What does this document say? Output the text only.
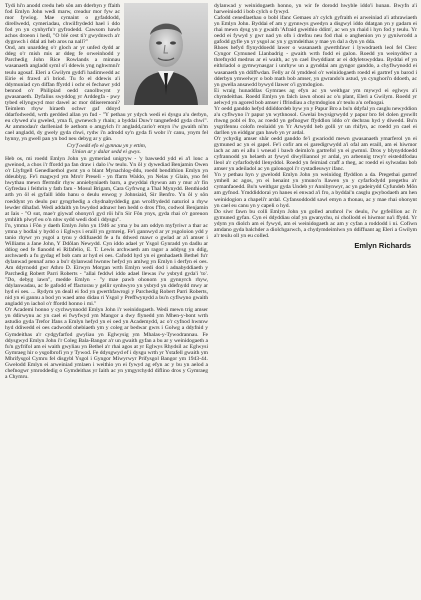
Tydi hi'n anodd credu heb sôn am dderbyn y ffaith fod Emlyn John wedi marw, creadur mor fyw ac mor fywiog. Mae cymaint o gyfaddodd, direllwedd, cymeriadau, chwilfrydedd hael i ddo fod yn yn cynhyrfu'r gyfrodedd. Cawsom hawb achos droeon i hedl, "O blé cest ti'r gwydnwch a'r dygnwch i ddal ati heb aros na nall?"

Ond, am unarddeg o'r gloch ar yr unfed dydd ar ddeg o'r mish mis ar ddeg fe orweinhodd y Parchedig John Rice Rowlands a minnau wasanaeth angladd syml o'i ddewis yng nghwmni'r teulu agosaf. Eleri a Gwilym gydd'i hadimwedd ac Eirie ei frawd a'i briod. Tu fo el ddewis a'i ddymuniad cyn diffan ffyrdd i ochr ei fechawr ydd bennod o'r Philipiad oedd canolbwynt y gwasanaeth. Dyfalius swyddog yr Arddegfa - pwy tybed ellyngwyd mor dawel ac mor ddiseremoni? Teimlem rhyw hiraeth ochwr gaf ddoyd ddarfodwedd, wrth gerdded allan yn fud - "Y pethau yr ydych wedi ei dysgu a'u derbyn, eu clywed a'u gweled, yma fi, gwnewch y rhain; a byddai Duw'r tangnefedd gyda chwi". Ar ammodau'r darlleniad fe aethom o amgylch i'r angladd,cario'r emyn i'w gwaith ni'm cael angladd, dy gwely gyda chwi, rydw i'n adrodd sy'n gyda fi wobr i'r canu, ynym fel hynny, yn gwell pan yn bod neu debyg ar y gân.

Cry'f oedd efo ei gynnau yn y ettim,
Union ar y dalar sedd ei gwys.

Heb os, mi roedd Emlyn John yn gymeriad unigryw - 'y bawsedd ydd ei a'l lonc a gweinod, a chos i'r ffordd pa fan draw i dalo i'w teulu. Yn ôl y dywediad Benjamin Owen o'r Llyfrgell Genedlaethol gwnt yn o blant Mynachlog-ddu, roedd bendithion Emlyn yn ddeublyg. Fe'i magwyd ym Mro'r Preseli - yn ffarm Waldo, yn Nelas y Glain, yno fel hwythau mewn ffermdir rhyw anniebyniaeth barn, a gwyddai rhywun am y mur a'r fin Gyfredau i feithrin y fath farn - Mosul Brigam, Cara Gyfrwng a Thal Mynydd. Benthiodd arth yn ôl ei gyfaill iddo hanu o deulu enwog y Johnsiaid, Sir Benfro. Yn ôl y sôn roeddynt yn deulu pur gyngrhedig a chydnabyddedig gan wrolfrydedd naturiol a rhyw lewder dihafad. Wedi addaith yn bwydod adnawr hen hedd o dros f'fro, codwol Benjamin at Iais - "O sut, mae'r giywaf ohonyn'i gyd rôi hi'n Sir Fôn ynys, gyda rhai o'r goreuon ymhlith plwyf eu o'n nhw sydd wedi dod i ddysgu".

I'n, ymma i Fôn y daeth Emlyn John yn 1946 ac yma y bu am oddyn myfyriwr a thar ac ymna y bodlai y bydd o i Eglwys i eraill yn gymreig. Fe'i gannwyd ar yr ysgoloion ydd y tanio rhywr yn ysgol a tynu y ddifuaedd fe a fu ddwed mawr o gwlad ar a'i amser i Williams a Jane John, Y Ddôlan Newydd. Cyn iddo adael yr Ysgol Gynradd yn dadlu ar ddiog oed fe fianodd ei Rifafelio, E. T. Lewis archwaeth am ragor a addysg yn ddig, archwaeth a fu gydag ef bob cam ar hyd ei oes. Cafodd hyd yn ei genhadaeth Bethel fu'r dylanwad pennaf arno a bu'r dylanwad hwnnw hefyd yn amlwg yn Emlyn i derfyn ei oes. Am ddyrnodd gwr Athro D. Eirwyn Morgan wrth Emlyn wedi dod i adnabyddiaeth y Parchedig Robert Parri Roberts - "allai feddwl iddo adael llewas i'w ysbryd gyda'i 'to'. "Do, debyg iawn", medde Emlyn - "y mae pawb ohonom yn gynnyrch rhyw, ddylanwadau, ac fe gafodd ef ffactorau y gellir synhwyro yn ysbryd yn ddefnydd mwy ar hyd ei oes. ... Rydym yn deall ei fod yn gwerthfawrogi y Parchedig Robert Parri Roberts, nid yn ei gannu a bod yn waed amo didau ri Ysgol y Preffwynydd a bu'n cyflwyno gwaith angladd yn iachol o'r ffordd honno i mi."

O'r Academi honno y cychwynnodd Emlyn John i'r weinidogaeth. Wedi mewn trig amser yn ddirwynu ac yn cael ei fwyfwyd ym Mangor a dwy flynedd ym Mhen-y-bont wrth astudio gyda Trefor Ifans a Emlyn hefyd yn ei oed yn Academydd, ac o'r cyfnod hwnnw hyd ddiwedd ei oes cadwodd ohebiaeth ym y coleg ar bedwar gwrs i Golwg a ddyfnid y Gymdeithas a'r cydgyfarfod gwyliau yn Eglwysig ym Mhalas-y-Tywodrannau. Fe ddysgwyd Emlyn John i'r Coleg Bala-Bangor a'r un gwaith gyfan a bu ar y weinidogaeth a fu'n gyfrifol am ei waith gwyliau yn Bethel a'r rhai agos at yr Eglwys Rhydsil ac Eglwysi Gymraeg hir o ysgolbrofi yn y Tywod. Fe ddysgwyd ef i dysgu wrth yr Ystafell gwaith ym Mhrifysgol Cymru fel disgybl Ysgol i Gyngor Miwyrwyr Prifysgol Bangor ym 1943-44. Gwelodd Emlyn ei arweiniad ymlaen i weithio yn ei fywyd ag efyn ac y bu yn aelod a chefnogwr ymroddedig o Gymdeithas yr Iaith ac yn ymgyrchydd diflino dros y Gymraeg a Chymru.

dylanwad y weinidogaeth honno, yn wir fe dorodd hwyble iddo'i hunan. Bwyfn a'i harweiniodd i bob cylch o fywyd.

Cafodd cenedlaethau o bobl ifanc Gemaes a'r cylch gyfraith ei arweiniad a'i athrawiaeth yn Emlyn John. Byddai ef am y gynnwys gwedyn a disgwyl iddo ddatgan yn y gadarn ei rhai mewn dysg yn y gwaith 'Afraid gweithio ddim', ac wn yn rhaid i hyn fod y teulu. Yr oedd ei fywyd y gwr nad yn ofn i drefnu neu fod rhai o anghenion yn y gyniwrodd a gafodd gyfle yn yr ysgol ac yn y gymdeithas y mae yn dal a dyn yn dda.

Rhoes hefyd flynyddoedd lawer o wasanaeth gwerthfawr i lywodraeth leol fel Clerc Cyngor Cymuned Llanbadrig - gwaith wrth fodd ei galon. Roedd yn weinyddwr a threfnydd medrus ar ei waith, ac yn cael llwyddiant ar ei ddyletswyddau. Byddai ef yn eithriadol o gymwynasgar i unrhyw un a gynddai am gyngor ganddo, a chyflwynodd ei wasanaeth yn ddiffwdan. Felly ar ôl ymddeol o'r weinidogaeth roedd ei gartref yn barod i dderbyn ymwelwyr o bob math bob amser, yn gwrando'n astud, yn cynghori'n ddoeth, ac yn gwella ansawdd bywyd llawer o'i gymdogion.

Ei wraig hunaddlas Gymraes ag efyn ac yn weithgar ym mywyd ei eglwys a'i chymdeithas. Roedd Emlyn yn falch iawn ohoni ac o'u plant, Eleri a Gwilym. Roedd yr aelwyd yn agored bob amser i ffrindiau a chymdogion a'r teulu a'u cefnogai.

Yr oedd ganddo hefyd ddiddordeb byw yn y Papur Bro a bu'n ddyfal yn casglu newyddion a'u cyflwyno i'r papur yn wythnosol. Gwelai bwysigrwydd y papur bro fel dolen gyswllt rhwng pobl ei fro, ac roedd yn gefnogwr ffyddlon iddo o'r dechrau hyd y diwedd. Bu'n ysgrifennu colofn reolaidd yn Yr Arwydd heb golli yr un rhifyn, ac roedd yn cael ei darllen yn eiddgar gan bawb yn yr ardal.

O'r ychydig amser sbâr oedd ganddo fe'i gwariodd mewn gwasanaeth ymarferol yn ei gymuned ac yn ei gapel. Fe'i cofir am ei garedigrwydd a'i ofal am eraill, am ei hiwmor iach ac am ei allu i wneud i bawb deimlo'n gartrefol yn ei gwmni. Dros y blynyddoedd cyfrannodd yn helaeth at fywyd diwylliannol yr ardal, yn arbennig trwy'r eisteddfodau lleol a'r cyfarfodydd llenyddol. Roedd yn feirniad craff a theg, ac roedd ei sylwadau bob amser yn adeiladol ac yn galonogol i'r cystadleuwyr ifanc.

Yn y pethau hyn y gwelodd Emlyn John yn weinidog ffyddlon a da. Pregethai gartref ymhell ac agos, yn ei henaint yn ymuno'n llawen yn y cyfarfodydd pregethu a'r cymanfaoedd. Bu'n weithgar gyda Undeb yr Annibynwyr, ac yn gadeirydd Cyfundeb Môn am gyfnod. Ymddiddorai yn hanes ei enwad a'i fro, a byddai'n casglu gwybodaeth am hen weinidogion a chapeli'r ardal. Cyfansoddodd sawl emyn a thonau, ac y mae rhai ohonynt yn cael eu canu yn y capeli o hyd.

Do siwr fawn bu colli Emlyn John yn golled aruthrol i'w deulu, i'w gyfeillion ac i'r gymuned gyfan. Cyn ei ddyddiau olaf yn gwanychu, ni chollodd ei hiwmor na'i ffydd. Yr ydym yn diolch am ei fywyd, am ei weinidogaeth ac am y cyfan a roddodd i ni. Cofiwn amdano gyda balchder a diolchgarwch, a chydymdeimlwn yn ddiffuant ag Eleri a Gwilym a'r teulu oll yn eu colled.

Emlyn Richards
